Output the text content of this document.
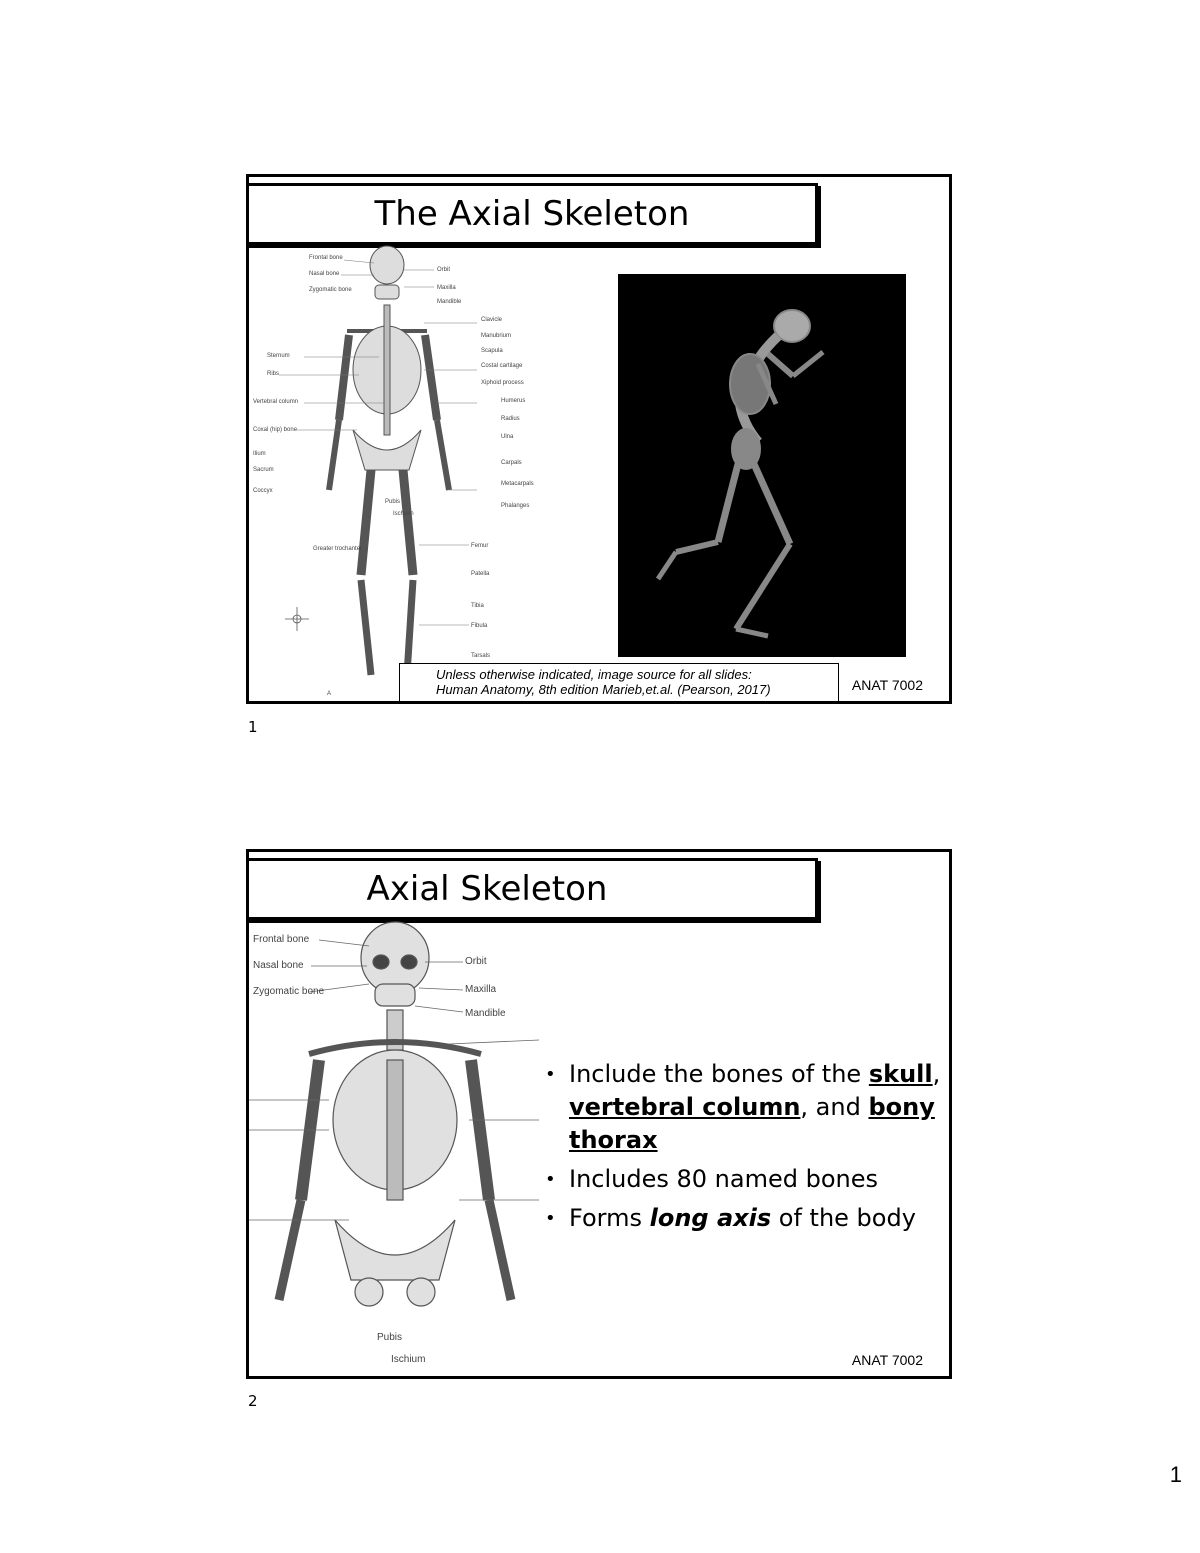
The Axial Skeleton
Frontal bone
Nasal bone
Zygomatic bone
Sternum
Ribs
Vertebral column
Coxal (hip) bone
Ilium
Sacrum
Coccyx
Greater trochanter
Orbit
Maxilla
Mandible
Clavicle
Manubrium
Scapula
Costal cartilage
Xiphoid process
Humerus
Radius
Ulna
Carpals
Metacarpals
Phalanges
Femur
Patella
Tibia
Fibula
Tarsals
Pubis
Ischium
A
Unless otherwise indicated, image source for all slides:
Human Anatomy, 8th edition Marieb,et.al. (Pearson, 2017)	ANAT 7002
1
Axial Skeleton
Frontal bone
Nasal bone
Zygomatic bone
Orbit
Maxilla
Mandible
Pubis
Ischium
• Include the bones of the skull, vertebral column, and bony thorax
• Includes 80 named bones
• Forms long axis of the body
ANAT 7002
2
1
